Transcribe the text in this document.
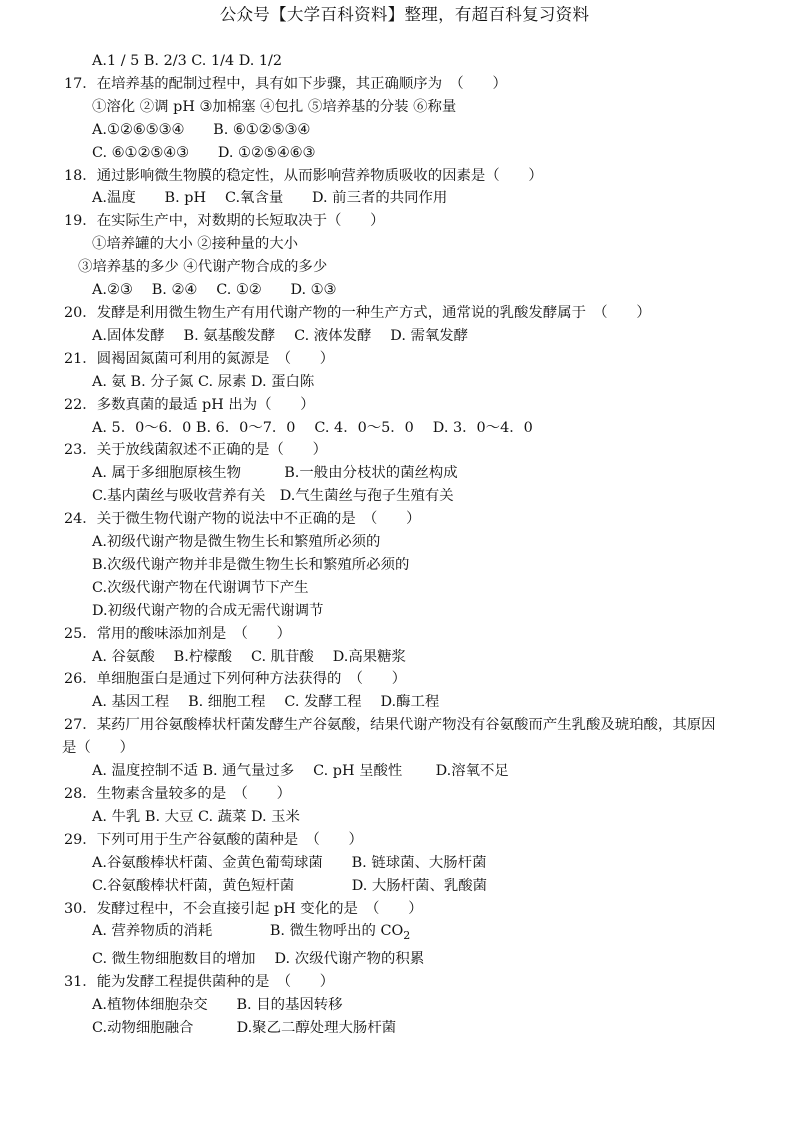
公众号【大学百科资料】整理，有超百科复习资料
A.1 / 5 B. 2/3 C. 1/4 D. 1/2
17．在培养基的配制过程中，具有如下步骤，其正确顺序为　（　　）
①溶化 ②调 pH ③加棉塞 ④包扎 ⑤培养基的分装 ⑥称量
A.①②⑥⑤③④　　B. ⑥①②⑤③④
C. ⑥①②⑤④③　　D. ①②⑤④⑥③
18．通过影响微生物膜的稳定性，从而影响营养物质吸收的因素是（　　）
A.温度　　B. pH　 C.氧含量　　D. 前三者的共同作用
19．在实际生产中，对数期的长短取决于（　　）
①培养罐的大小 ②接种量的大小
③培养基的多少 ④代谢产物合成的多少
A.②③　 B. ②④　 C. ①②　　D. ①③
20．发酵是利用微生物生产有用代谢产物的一种生产方式，通常说的乳酸发酵属于　（　　）
A.固体发酵　 B. 氨基酸发酵　 C. 液体发酵　 D. 需氧发酵
21．圆褐固氮菌可利用的氮源是　（　　）
A. 氨 B. 分子氮 C. 尿素 D. 蛋白陈
22．多数真菌的最适 pH 出为（　　）
A. 5．0～6．0 B. 6．0～7．0　 C. 4．0～5．0　 D. 3．0～4．0
23．关于放线菌叙述不正确的是（　　）
A. 属于多细胞原核生物　　　B.一般由分枝状的菌丝构成
C.基内菌丝与吸收营养有关　D.气生菌丝与孢子生殖有关
24．关于微生物代谢产物的说法中不正确的是　（　　）
A.初级代谢产物是微生物生长和繁殖所必须的
B.次级代谢产物并非是微生物生长和繁殖所必须的
C.次级代谢产物在代谢调节下产生
D.初级代谢产物的合成无需代谢调节
25．常用的酸味添加剂是　（　　）
A. 谷氨酸　 B.柠檬酸　 C. 肌苷酸　 D.高果糖浆
26．单细胞蛋白是通过下列何种方法获得的　（　　）
A. 基因工程　 B. 细胞工程　 C. 发酵工程　 D.酶工程
27．某药厂用谷氨酸棒状杆菌发酵生产谷氨酸，结果代谢产物没有谷氨酸而产生乳酸及琥珀酸，其原因
是（　　）
A. 温度控制不适 B. 通气量过多　 C. pH 呈酸性　　 D.溶氧不足
28．生物素含量较多的是　（　　）
A. 牛乳 B. 大豆 C. 蔬菜 D. 玉米
29．下列可用于生产谷氨酸的菌种是　（　　）
A.谷氨酸棒状杆菌、金黄色葡萄球菌　　B. 链球菌、大肠杆菌
C.谷氨酸棒状杆菌，黄色短杆菌　　　　D. 大肠杆菌、乳酸菌
30．发酵过程中，不会直接引起 pH 变化的是　（　　）
A. 营养物质的消耗　　　　B. 微生物呼出的 $CO_2$
C. 微生物细胞数目的增加　 D. 次级代谢产物的积累
31．能为发酵工程提供菌种的是　（　　）
A.植物体细胞杂交　　B. 目的基因转移
C.动物细胞融合　　　D.聚乙二醇处理大肠杆菌
